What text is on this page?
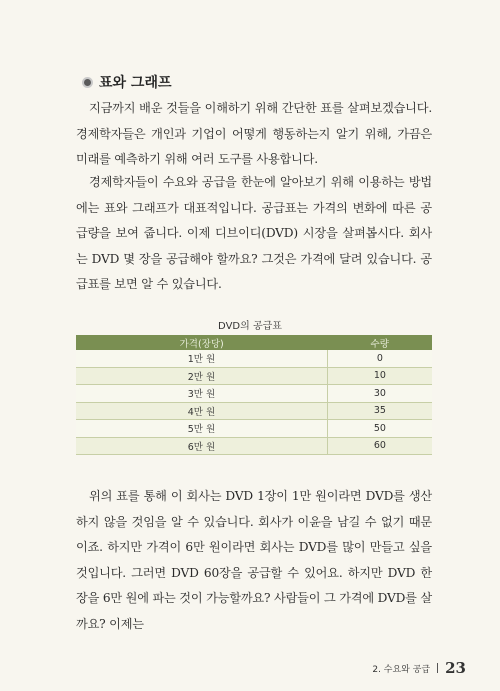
표와 그래프

지금까지 배운 것들을 이해하기 위해 간단한 표를 살펴보겠습니다. 경제학자들은 개인과 기업이 어떻게 행동하는지 알기 위해, 가끔은 미래를 예측하기 위해 여러 도구를 사용합니다.

경제학자들이 수요와 공급을 한눈에 알아보기 위해 이용하는 방법에는 표와 그래프가 대표적입니다. 공급표는 가격의 변화에 따른 공급량을 보여 줍니다. 이제 디브이디(DVD) 시장을 살펴봅시다. 회사는 DVD 몇 장을 공급해야 할까요? 그것은 가격에 달려 있습니다. 공급표를 보면 알 수 있습니다.

DVD의 공급표
가격(장당)	수량
1만 원	0
2만 원	10
3만 원	30
4만 원	35
5만 원	50
6만 원	60

위의 표를 통해 이 회사는 DVD 1장이 1만 원이라면 DVD를 생산하지 않을 것임을 알 수 있습니다. 회사가 이윤을 남길 수 없기 때문이죠. 하지만 가격이 6만 원이라면 회사는 DVD를 많이 만들고 싶을 것입니다. 그러면 DVD 60장을 공급할 수 있어요. 하지만 DVD 한 장을 6만 원에 파는 것이 가능할까요? 사람들이 그 가격에 DVD를 살까요? 이제는

2. 수요와 공급 23
